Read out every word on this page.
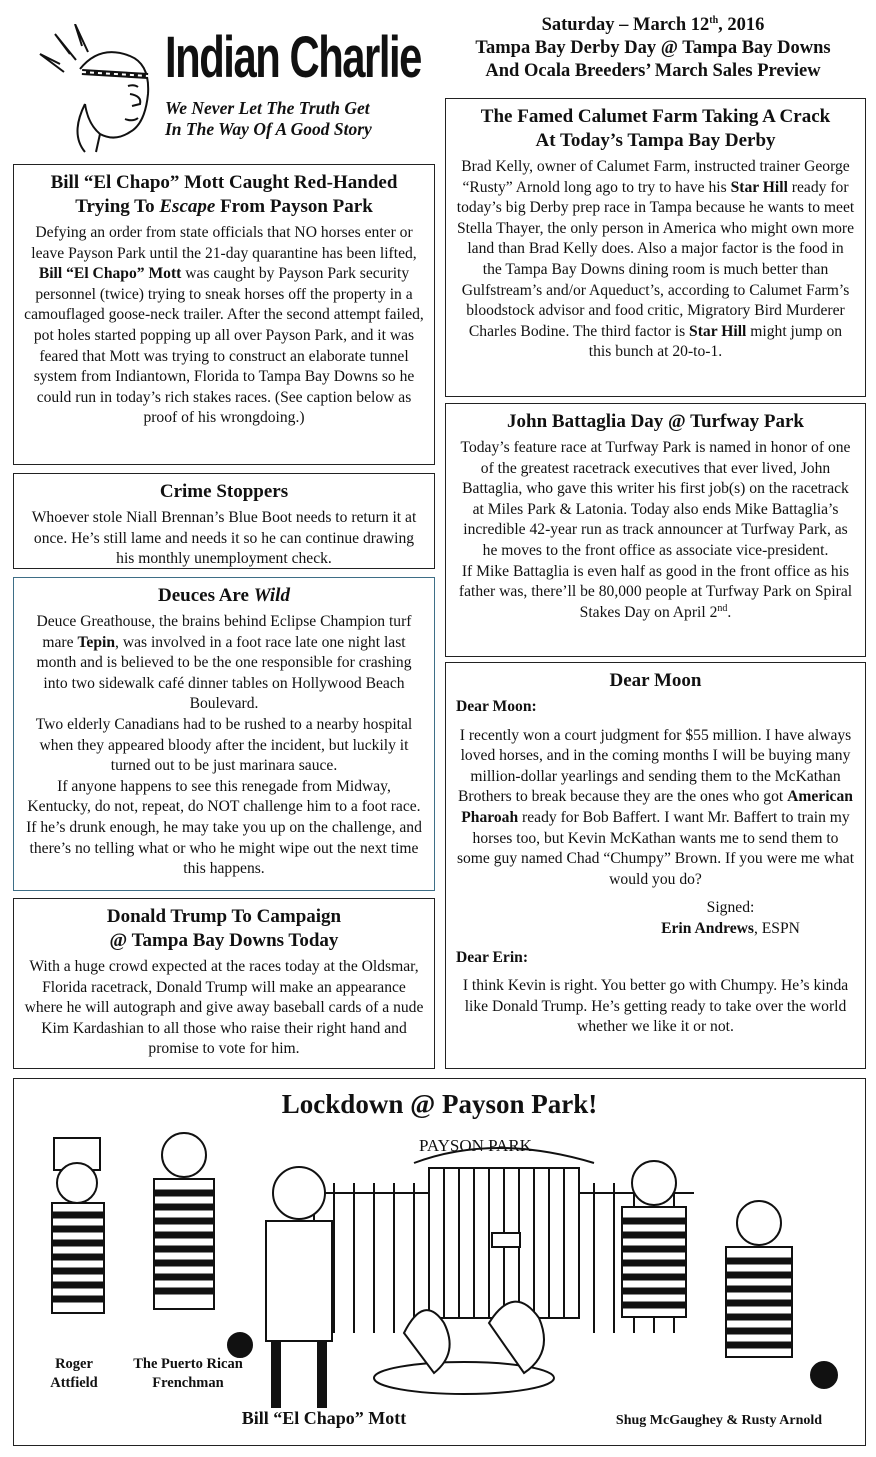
Indian Charlie
We Never Let The Truth Get
In The Way Of A Good Story
Saturday – March 12th, 2016
Tampa Bay Derby Day @ Tampa Bay Downs
And Ocala Breeders’ March Sales Preview
Bill “El Chapo” Mott Caught Red-Handed
Trying To Escape From Payson Park
Defying an order from state officials that NO horses enter or leave Payson Park until the 21-day quarantine has been lifted, Bill “El Chapo” Mott was caught by Payson Park security personnel (twice) trying to sneak horses off the property in a camouflaged goose-neck trailer. After the second attempt failed, pot holes started popping up all over Payson Park, and it was feared that Mott was trying to construct an elaborate tunnel system from Indiantown, Florida to Tampa Bay Downs so he could run in today’s rich stakes races. (See caption below as proof of his wrongdoing.)
Crime Stoppers
Whoever stole Niall Brennan’s Blue Boot needs to return it at once. He’s still lame and needs it so he can continue drawing his monthly unemployment check.
Deuces Are Wild

Deuce Greathouse, the brains behind Eclipse Champion turf mare Tepin, was involved in a foot race late one night last month and is believed to be the one responsible for crashing into two sidewalk café dinner tables on Hollywood Beach Boulevard.

Two elderly Canadians had to be rushed to a nearby hospital when they appeared bloody after the incident, but luckily it turned out to be just marinara sauce.

If anyone happens to see this renegade from Midway, Kentucky, do not, repeat, do NOT challenge him to a foot race. If he’s drunk enough, he may take you up on the challenge, and there’s no telling what or who he might wipe out the next time this happens.

Donald Trump To Campaign
@ Tampa Bay Downs Today
With a huge crowd expected at the races today at the Oldsmar, Florida racetrack, Donald Trump will make an appearance where he will autograph and give away baseball cards of a nude Kim Kardashian to all those who raise their right hand and promise to vote for him.
The Famed Calumet Farm Taking A Crack
At Today’s Tampa Bay Derby
Brad Kelly, owner of Calumet Farm, instructed trainer George “Rusty” Arnold long ago to try to have his Star Hill ready for today’s big Derby prep race in Tampa because he wants to meet Stella Thayer, the only person in America who might own more land than Brad Kelly does. Also a major factor is the food in the Tampa Bay Downs dining room is much better than Gulfstream’s and/or Aqueduct’s, according to Calumet Farm’s bloodstock advisor and food critic, Migratory Bird Murderer Charles Bodine. The third factor is Star Hill might jump on this bunch at 20-to-1.
John Battaglia Day @ Turfway Park

Today’s feature race at Turfway Park is named in honor of one of the greatest racetrack executives that ever lived, John Battaglia, who gave this writer his first job(s) on the racetrack at Miles Park & Latonia. Today also ends Mike Battaglia’s incredible 42-year run as track announcer at Turfway Park, as he moves to the front office as associate vice-president.

If Mike Battaglia is even half as good in the front office as his father was, there’ll be 80,000 people at Turfway Park on Spiral Stakes Day on April 2nd.

Dear Moon

Dear Moon:

I recently won a court judgment for $55 million. I have always loved horses, and in the coming months I will be buying many million-dollar yearlings and sending them to the McKathan Brothers to break because they are the ones who got American Pharoah ready for Bob Baffert. I want Mr. Baffert to train my horses too, but Kevin McKathan wants me to send them to some guy named Chad “Chumpy” Brown. If you were me what would you do?

Signed:

Erin Andrews, ESPN

Dear Erin:

I think Kevin is right. You better go with Chumpy. He’s kinda like Donald Trump. He’s getting ready to take over the world whether we like it or not.

Lockdown @ Payson Park!
PAYSON PARK
Roger
Attfield
The Puerto Rican
Frenchman
Bill “El Chapo” Mott	Shug McGaughey & Rusty Arnold
